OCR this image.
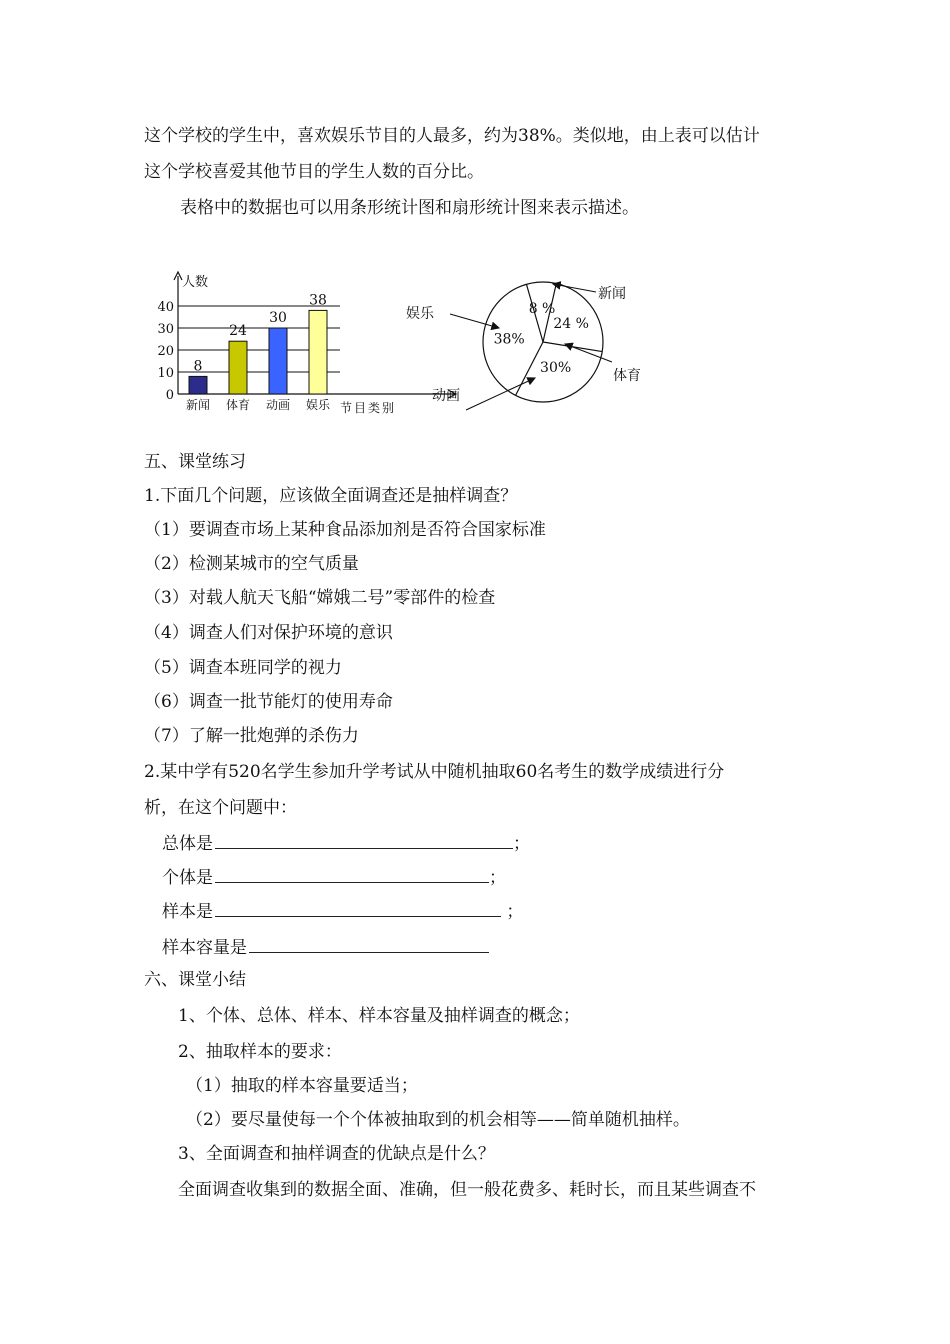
这个学校的学生中，喜欢娱乐节目的人最多，约为38%。类似地，由上表可以估计
这个学校喜爱其他节目的学生人数的百分比。
表格中的数据也可以用条形统计图和扇形统计图来表示描述。
0
10
20
30
40
人数
节目类别
8
新闻
24
体育
30
动画
38
娱乐
8 %
24 %
30%
38%
新闻
体育
动画
娱乐
五、课堂练习
1.下面几个问题，应该做全面调查还是抽样调查？
（1）要调查市场上某种食品添加剂是否符合国家标准
（2）检测某城市的空气质量
（3）对载人航天飞船“嫦娥二号”零部件的检查
（4）调查人们对保护环境的意识
（5）调查本班同学的视力
（6）调查一批节能灯的使用寿命
（7）了解一批炮弹的杀伤力
2.某中学有520名学生参加升学考试从中随机抽取60名考生的数学成绩进行分
析，在这个问题中：
总体是	；
个体是	；
样本是	；
样本容量是
六、课堂小结
1、个体、总体、样本、样本容量及抽样调查的概念；
2、抽取样本的要求：
（1）抽取的样本容量要适当；
（2）要尽量使每一个个体被抽取到的机会相等——简单随机抽样。
3、全面调查和抽样调查的优缺点是什么？
全面调查收集到的数据全面、准确，但一般花费多、耗时长，而且某些调查不
